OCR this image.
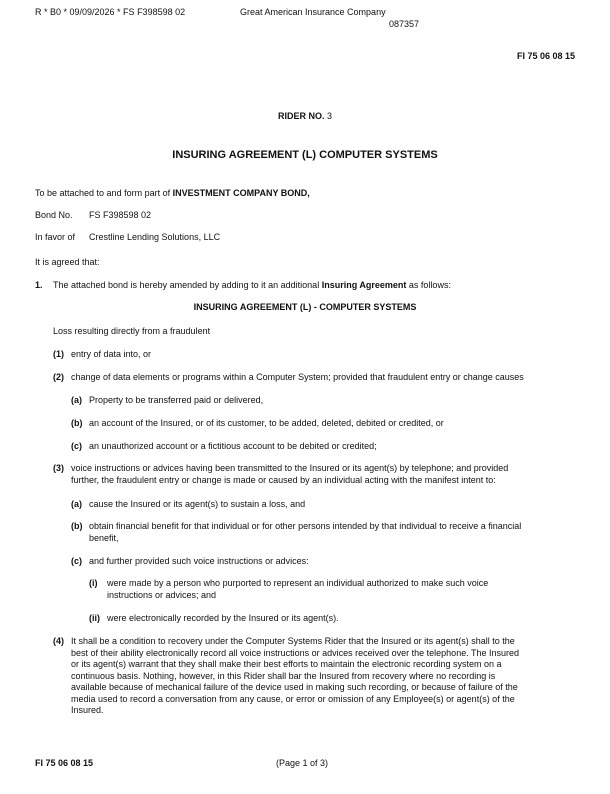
R * B0 * 09/09/2026 * FS F398598 02	Great American Insurance Company
087357
FI 75 06 08 15
RIDER NO. 3
INSURING AGREEMENT (L) COMPUTER SYSTEMS
To be attached to and form part of INVESTMENT COMPANY BOND,
Bond No. FS F398598 02
In favor of Crestline Lending Solutions, LLC
It is agreed that:
1. The attached bond is hereby amended by adding to it an additional Insuring Agreement as follows:
INSURING AGREEMENT (L) - COMPUTER SYSTEMS
Loss resulting directly from a fraudulent
(1) entry of data into, or
(2) change of data elements or programs within a Computer System; provided that fraudulent entry or change causes
(a) Property to be transferred paid or delivered,
(b) an account of the Insured, or of its customer, to be added, deleted, debited or credited, or
(c) an unauthorized account or a fictitious account to be debited or credited;
(3) voice instructions or advices having been transmitted to the Insured or its agent(s) by telephone; and provided
further, the fraudulent entry or change is made or caused by an individual acting with the manifest intent to:
(a) cause the Insured or its agent(s) to sustain a loss, and
(b) obtain financial benefit for that individual or for other persons intended by that individual to receive a financial
benefit,
(c) and further provided such voice instructions or advices:
(i) were made by a person who purported to represent an individual authorized to make such voice
instructions or advices; and
(ii) were electronically recorded by the Insured or its agent(s).
(4) It shall be a condition to recovery under the Computer Systems Rider that the Insured or its agent(s) shall to the
best of their ability electronically record all voice instructions or advices received over the telephone. The Insured
or its agent(s) warrant that they shall make their best efforts to maintain the electronic recording system on a
continuous basis. Nothing, however, in this Rider shall bar the Insured from recovery where no recording is
available because of mechanical failure of the device used in making such recording, or because of failure of the
media used to record a conversation from any cause, or error or omission of any Employee(s) or agent(s) of the
Insured.
FI 75 06 08 15	(Page 1 of 3)
